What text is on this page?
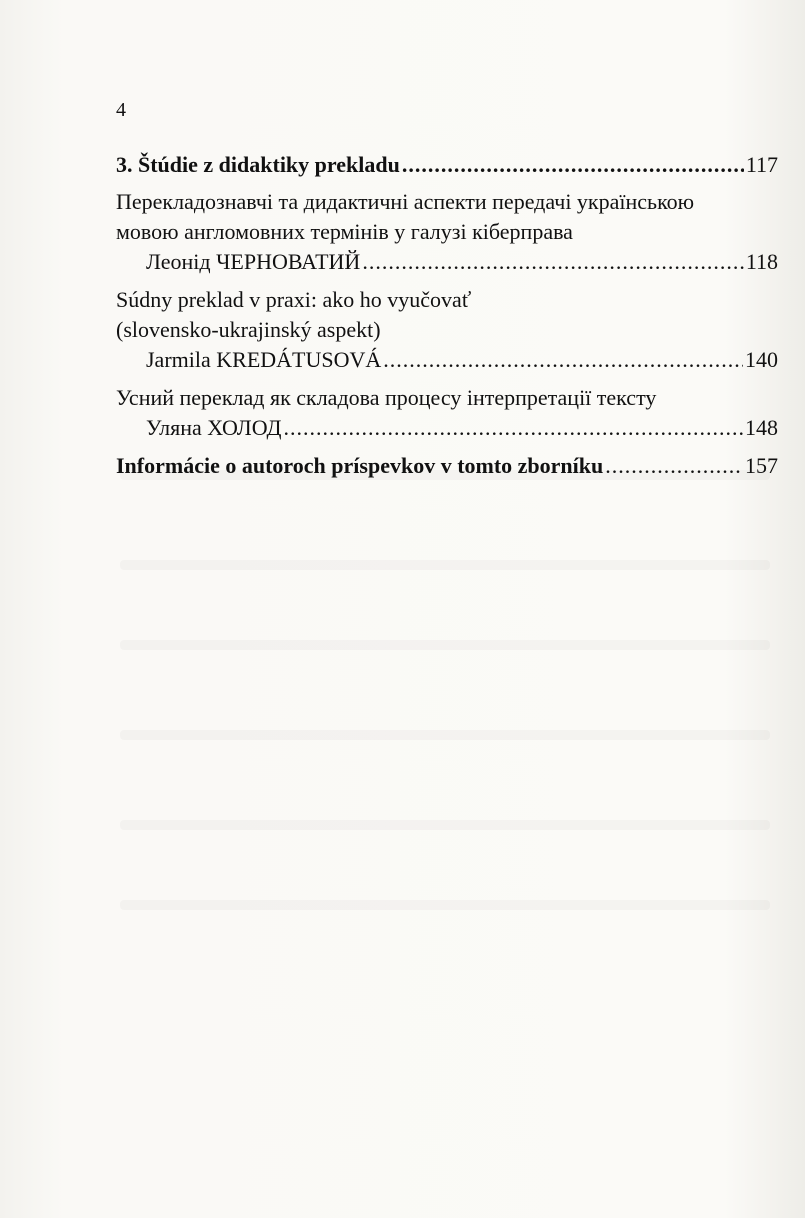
4
3. Štúdie z didaktiky prekladu .....	117
Перекладознавчі та дидактичні аспекти передачі українською
мовою англомовних термінів у галузі кіберправа
Леонід ЧЕРНОВАТИЙ .....	118
Súdny preklad v praxi: ako ho vyučovať
(slovensko-ukrajinský aspekt)
Jarmila KREDÁTUSOVÁ .....	140
Усний переклад як складова процесу інтерпретації тексту
Уляна ХОЛОД .....	148
Informácie o autoroch príspevkov v tomto zborníku .....	157
